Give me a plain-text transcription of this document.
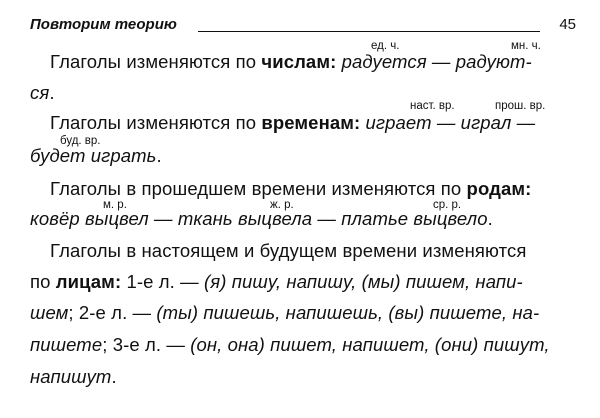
Повторим теорию	45
ед. ч.	мн. ч.
Глаголы изменяются по числам: радуется — радуют-
ся.
наст. вр.	прош. вр.
Глаголы изменяются по временам: играет — играл —
буд. вр.
будет играть.
Глаголы в прошедшем времени изменяются по родам:
м. р.	ж. р.	ср. р.
ковёр выцвел — ткань выцвела — платье выцвело.
Глаголы в настоящем и будущем времени изменяются
по лицам: 1-е л. — (я) пишу, напишу, (мы) пишем, напи-
шем; 2-е л. — (ты) пишешь, напишешь, (вы) пишете, на-
пишете; 3-е л. — (он, она) пишет, напишет, (они) пишут,
напишут.
